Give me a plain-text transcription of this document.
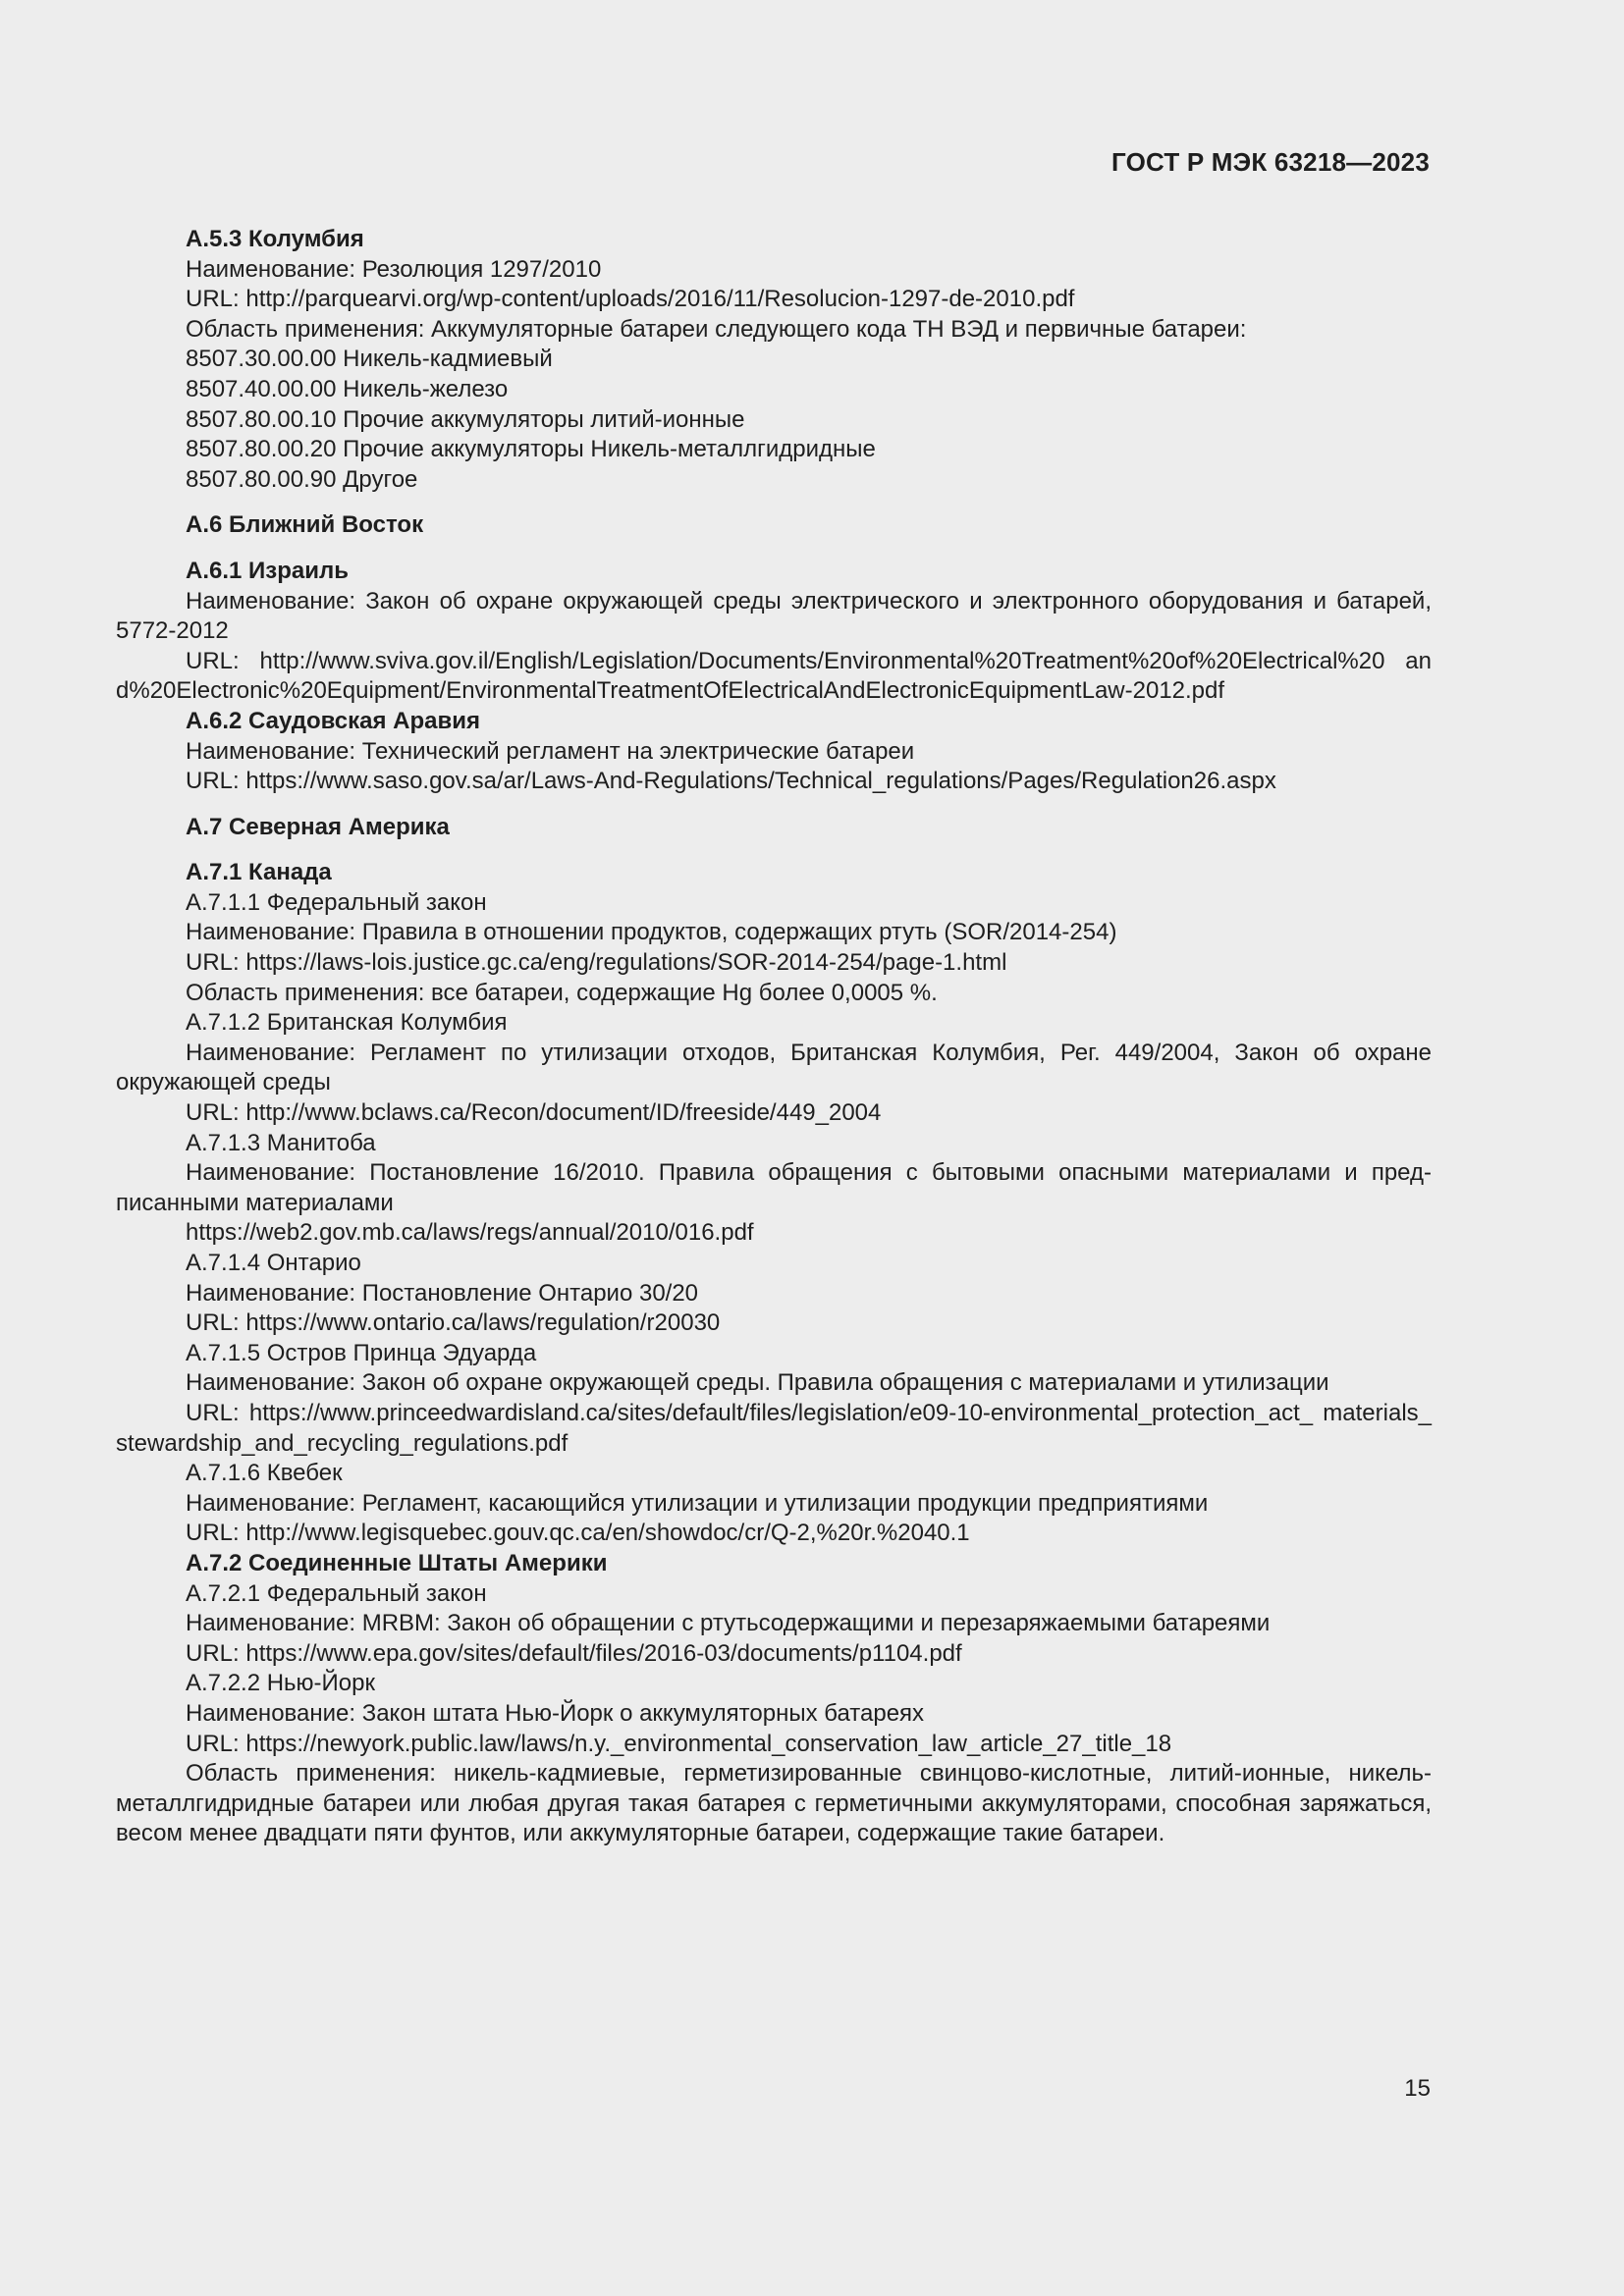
ГОСТ Р МЭК 63218—2023

А.5.3 Колумбия

Наименование: Резолюция 1297/2010

URL: http://parquearvi.org/wp-content/uploads/2016/11/Resolucion-1297-de-2010.pdf

Область применения: Аккумуляторные батареи следующего кода ТН ВЭД и первичные батареи:

8507.30.00.00 Никель-кадмиевый

8507.40.00.00 Никель-железо

8507.80.00.10 Прочие аккумуляторы литий-ионные

8507.80.00.20 Прочие аккумуляторы Никель-металлгидридные

8507.80.00.90 Другое

А.6 Ближний Восток

А.6.1 Израиль

Наименование: Закон об охране окружающей среды электрического и электронного оборудования и батарей, 5772-2012

URL: http://www.sviva.gov.il/English/Legislation/Documents/Environmental%20Treatment%20of%20Electrical%20 and%20Electronic%20Equipment/EnvironmentalTreatmentOfElectricalAndElectronicEquipmentLaw-2012.pdf

А.6.2 Саудовская Аравия

Наименование: Технический регламент на электрические батареи

URL: https://www.saso.gov.sa/ar/Laws-And-Regulations/Technical_regulations/Pages/Regulation26.aspx

А.7 Северная Америка

А.7.1 Канада

А.7.1.1 Федеральный закон

Наименование: Правила в отношении продуктов, содержащих ртуть (SOR/2014-254)

URL: https://laws-lois.justice.gc.ca/eng/regulations/SOR-2014-254/page-1.html

Область применения: все батареи, содержащие Hg более 0,0005 %.

А.7.1.2 Британская Колумбия

Наименование: Регламент по утилизации отходов, Британская Колумбия, Рег. 449/2004, Закон об охране окружающей среды

URL: http://www.bclaws.ca/Recon/document/ID/freeside/449_2004

А.7.1.3 Манитоба

Наименование: Постановление 16/2010. Правила обращения с бытовыми опасными материалами и предписанными материалами

https://web2.gov.mb.ca/laws/regs/annual/2010/016.pdf

А.7.1.4 Онтарио

Наименование: Постановление Онтарио 30/20

URL: https://www.ontario.ca/laws/regulation/r20030

А.7.1.5 Остров Принца Эдуарда

Наименование: Закон об охране окружающей среды. Правила обращения с материалами и утилизации

URL: https://www.princeedwardisland.ca/sites/default/files/legislation/e09-10-environmental_protection_act_ materials_stewardship_and_recycling_regulations.pdf

А.7.1.6 Квебек

Наименование: Регламент, касающийся утилизации и утилизации продукции предприятиями

URL: http://www.legisquebec.gouv.qc.ca/en/showdoc/cr/Q-2,%20r.%2040.1

А.7.2 Соединенные Штаты Америки

А.7.2.1 Федеральный закон

Наименование: MRBM: Закон об обращении с ртутьсодержащими и перезаряжаемыми батареями

URL: https://www.epa.gov/sites/default/files/2016-03/documents/p1104.pdf

А.7.2.2 Нью-Йорк

Наименование: Закон штата Нью-Йорк о аккумуляторных батареях

URL: https://newyork.public.law/laws/n.y._environmental_conservation_law_article_27_title_18

Область применения: никель-кадмиевые, герметизированные свинцово-кислотные, литий-ионные, никель-металлгидридные батареи или любая другая такая батарея с герметичными аккумуляторами, способная заряжаться, весом менее двадцати пяти фунтов, или аккумуляторные батареи, содержащие такие батареи.

15
